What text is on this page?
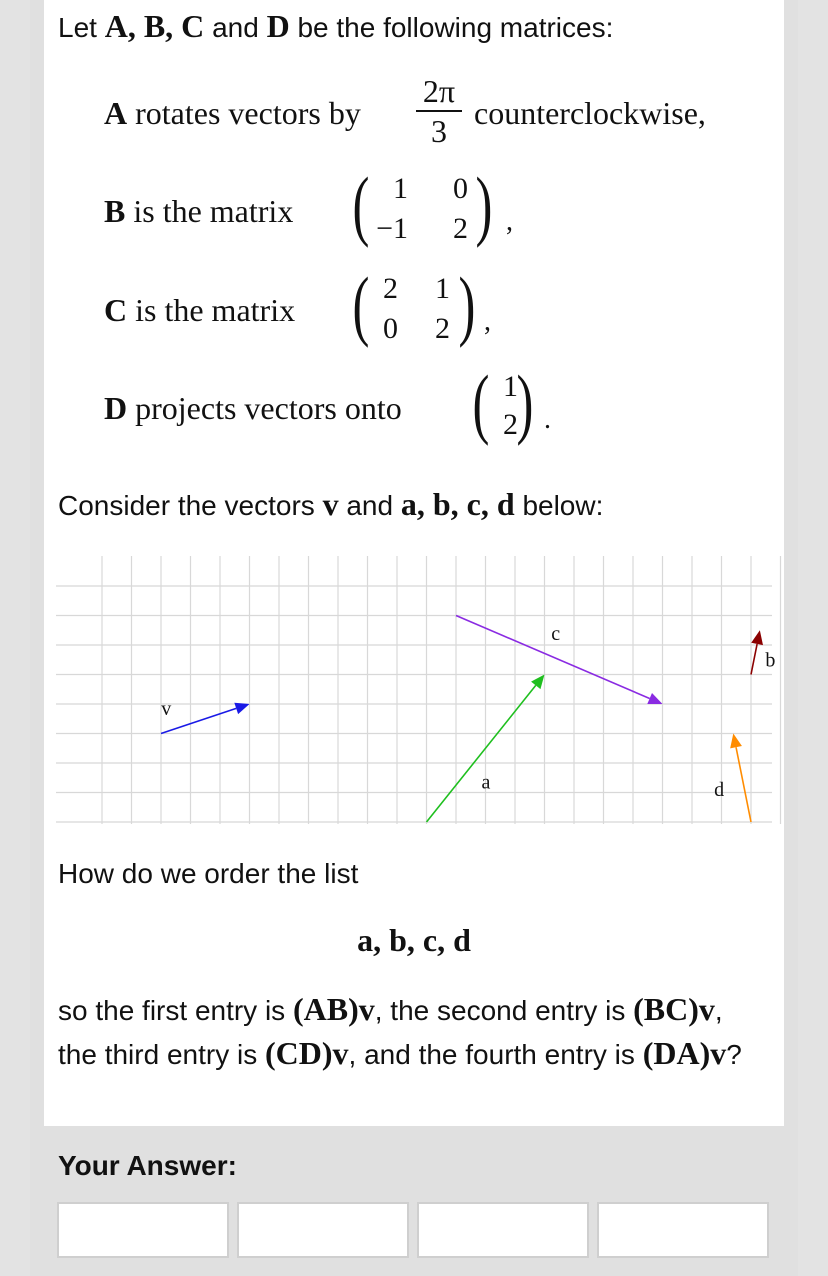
Let A, B, C and D be the following matrices:
A rotates vectors by
2π
3 counterclockwise,
B is the matrix ( 1	0
−1	2 ) ,
C is the matrix ( 2	1
0	2 ) ,
D projects vectors onto ( 1
2
) .
Consider the vectors v and a, b, c, d below:
v
a
b
c
d
How do we order the list
a, b, c, d
so the first entry is (AB)v, the second entry is (BC)v, the third entry is (CD)v, and the fourth entry is (DA)v?
Your Answer:
